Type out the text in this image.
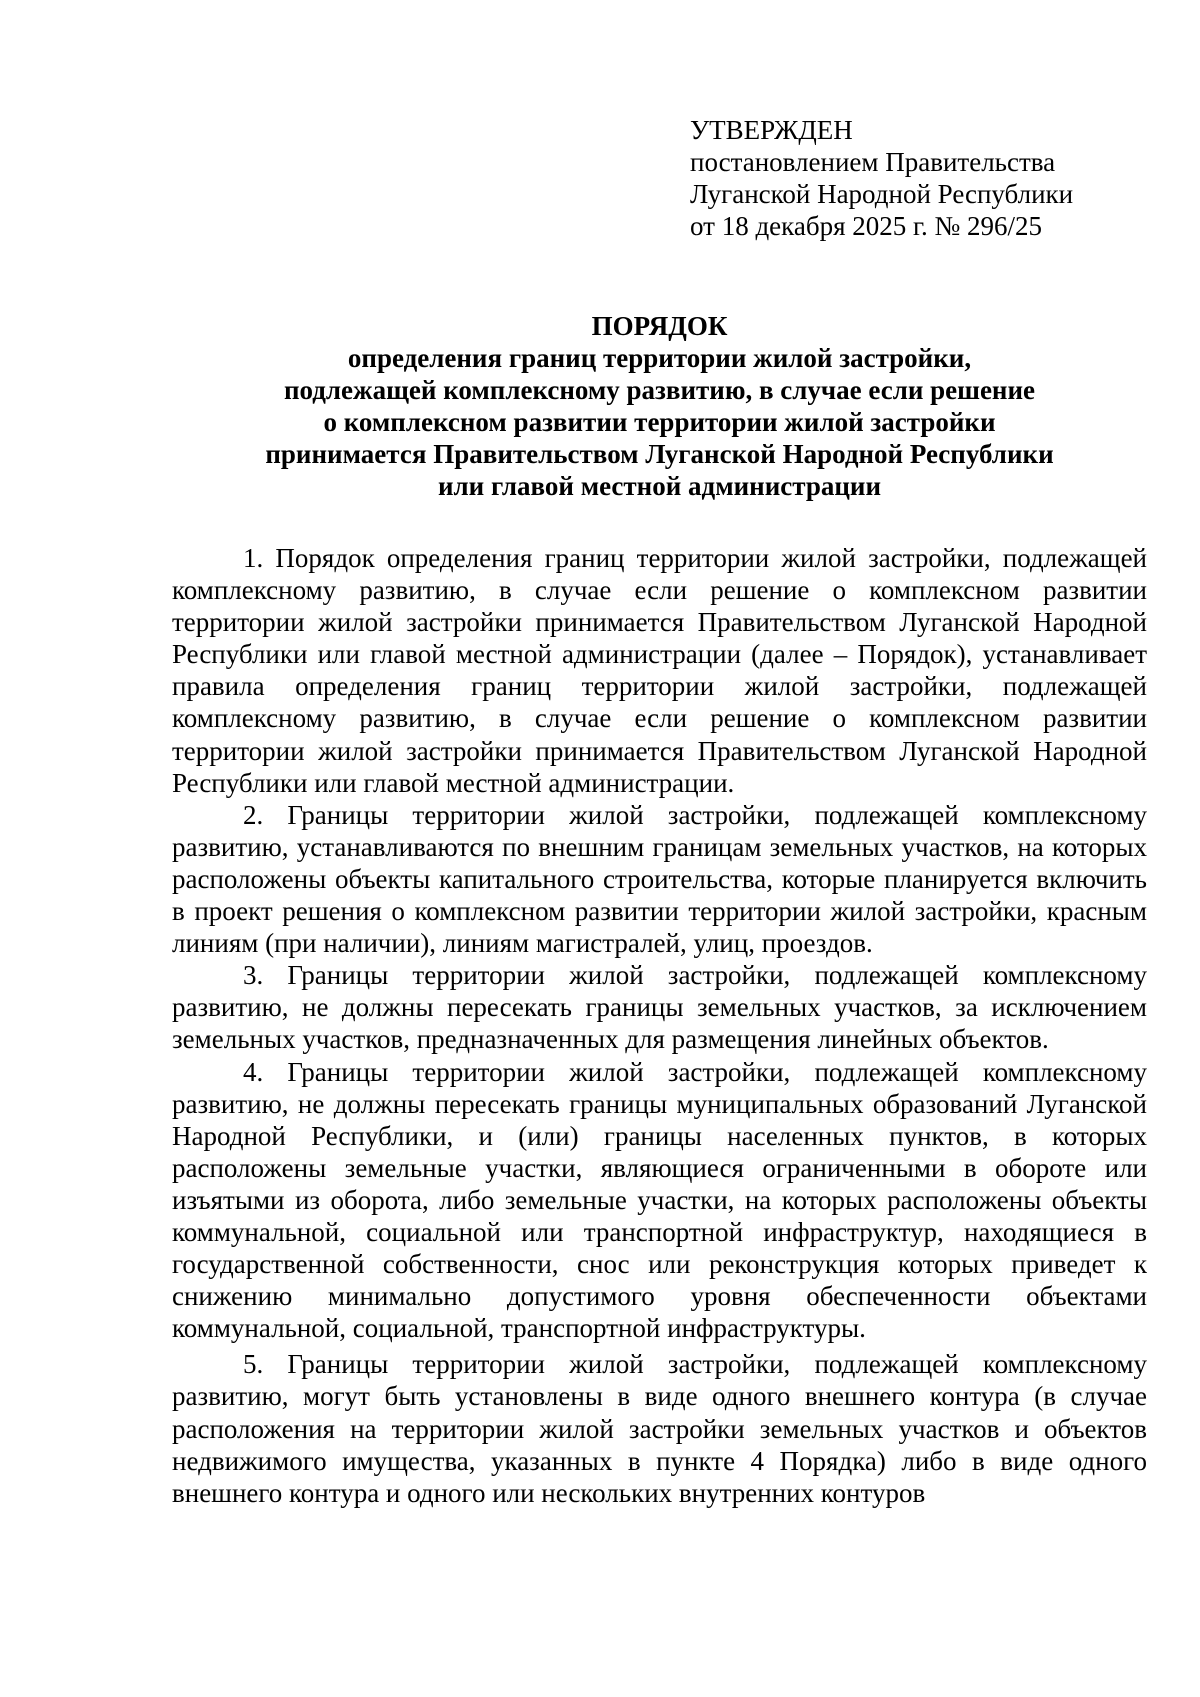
УТВЕРЖДЕН
постановлением Правительства
Луганской Народной Республики
от 18 декабря 2025 г. № 296/25
ПОРЯДОК
определения границ территории жилой застройки,
подлежащей комплексному развитию, в случае если решение
о комплексном развитии территории жилой застройки
принимается Правительством Луганской Народной Республики
или главой местной администрации

1. Порядок определения границ территории жилой застройки, подлежащей комплексному развитию, в случае если решение о комплексном развитии территории жилой застройки принимается Правительством Луганской Народной Республики или главой местной администрации (далее – Порядок), устанавливает правила определения границ территории жилой застройки, подлежащей комплексному развитию, в случае если решение о комплексном развитии территории жилой застройки принимается Правительством Луганской Народной Республики или главой местной администрации.

2. Границы территории жилой застройки, подлежащей комплексному развитию, устанавливаются по внешним границам земельных участков, на которых расположены объекты капитального строительства, которые планируется включить в проект решения о комплексном развитии территории жилой застройки, красным линиям (при наличии), линиям магистралей, улиц, проездов.

3. Границы территории жилой застройки, подлежащей комплексному развитию, не должны пересекать границы земельных участков, за исключением земельных участков, предназначенных для размещения линейных объектов.

4. Границы территории жилой застройки, подлежащей комплексному развитию, не должны пересекать границы муниципальных образований Луганской Народной Республики, и (или) границы населенных пунктов, в которых расположены земельные участки, являющиеся ограниченными в обороте или изъятыми из оборота, либо земельные участки, на которых расположены объекты коммунальной, социальной или транспортной инфраструктур, находящиеся в государственной собственности, снос или реконструкция которых приведет к снижению минимально допустимого уровня обеспеченности объектами коммунальной, социальной, транспортной инфраструктуры.

5. Границы территории жилой застройки, подлежащей комплексному развитию, могут быть установлены в виде одного внешнего контура (в случае расположения на территории жилой застройки земельных участков и объектов недвижимого имущества, указанных в пункте 4 Порядка) либо в виде одного внешнего контура и одного или нескольких внутренних контуров
